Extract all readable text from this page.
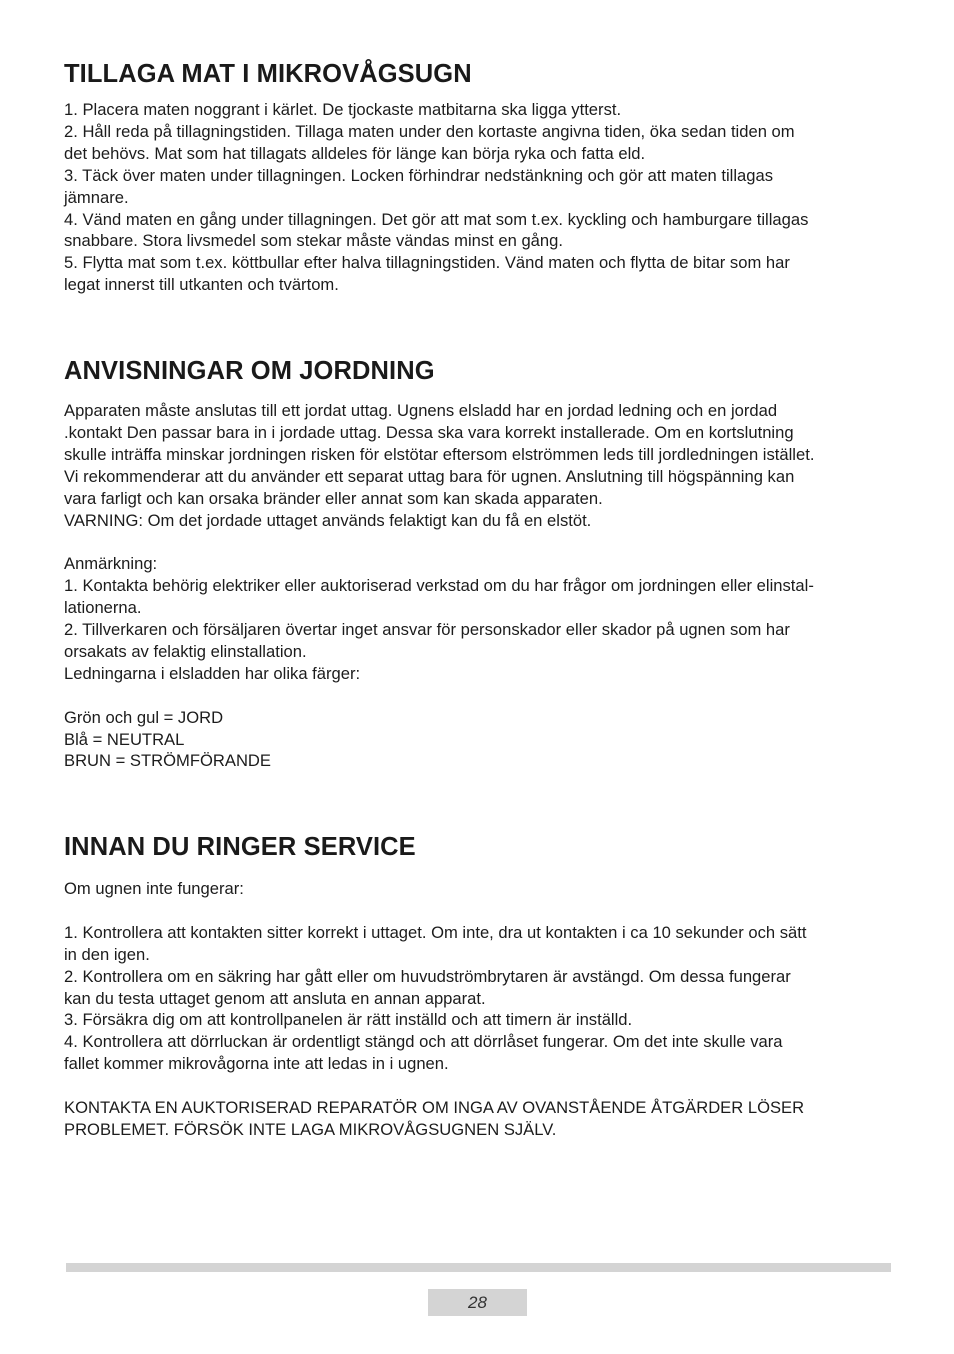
TILLAGA MAT I MIKROVÅGSUGN

1. Placera maten noggrant i kärlet. De tjockaste matbitarna ska ligga ytterst.

2. Håll reda på tillagningstiden. Tillaga maten under den kortaste angivna tiden, öka sedan tiden om

det behövs. Mat som hat tillagats alldeles för länge kan börja ryka och fatta eld.

3. Täck över maten under tillagningen. Locken förhindrar nedstänkning och gör att maten tillagas

jämnare.

4. Vänd maten en gång under tillagningen. Det gör att mat som t.ex. kyckling och hamburgare tillagas

snabbare. Stora livsmedel som stekar måste vändas minst en gång.

5. Flytta mat som t.ex. köttbullar efter halva tillagningstiden. Vänd maten och flytta de bitar som har

legat innerst till utkanten och tvärtom.

ANVISNINGAR OM JORDNING

Apparaten måste anslutas till ett jordat uttag. Ugnens elsladd har en jordad ledning och en jordad

.kontakt Den passar bara in i jordade uttag. Dessa ska vara korrekt installerade. Om en kortslutning

skulle inträffa minskar jordningen risken för elstötar eftersom elströmmen leds till jordledningen istället.

Vi rekommenderar att du använder ett separat uttag bara för ugnen. Anslutning till högspänning kan

vara farligt och kan orsaka bränder eller annat som kan skada apparaten.

VARNING: Om det jordade uttaget används felaktigt kan du få en elstöt.

Anmärkning:

1. Kontakta behörig elektriker eller auktoriserad verkstad om du har frågor om jordningen eller elinstal-

lationerna.

2. Tillverkaren och försäljaren övertar inget ansvar för personskador eller skador på ugnen som har

orsakats av felaktig elinstallation.

Ledningarna i elsladden har olika färger:

Grön och gul = JORD

Blå = NEUTRAL

BRUN = STRÖMFÖRANDE

INNAN DU RINGER SERVICE

Om ugnen inte fungerar:

1. Kontrollera att kontakten sitter korrekt i uttaget. Om inte, dra ut kontakten i ca 10 sekunder och sätt

in den igen.

2. Kontrollera om en säkring har gått eller om huvudströmbrytaren är avstängd. Om dessa fungerar

kan du testa uttaget genom att ansluta en annan apparat.

3. Försäkra dig om att kontrollpanelen är rätt inställd och att timern är inställd.

4. Kontrollera att dörrluckan är ordentligt stängd och att dörrlåset fungerar. Om det inte skulle vara

fallet kommer mikrovågorna inte att ledas in i ugnen.

KONTAKTA EN AUKTORISERAD REPARATÖR OM INGA AV OVANSTÅENDE ÅTGÄRDER LÖSER

PROBLEMET. FÖRSÖK INTE LAGA MIKROVÅGSUGNEN SJÄLV.

28
